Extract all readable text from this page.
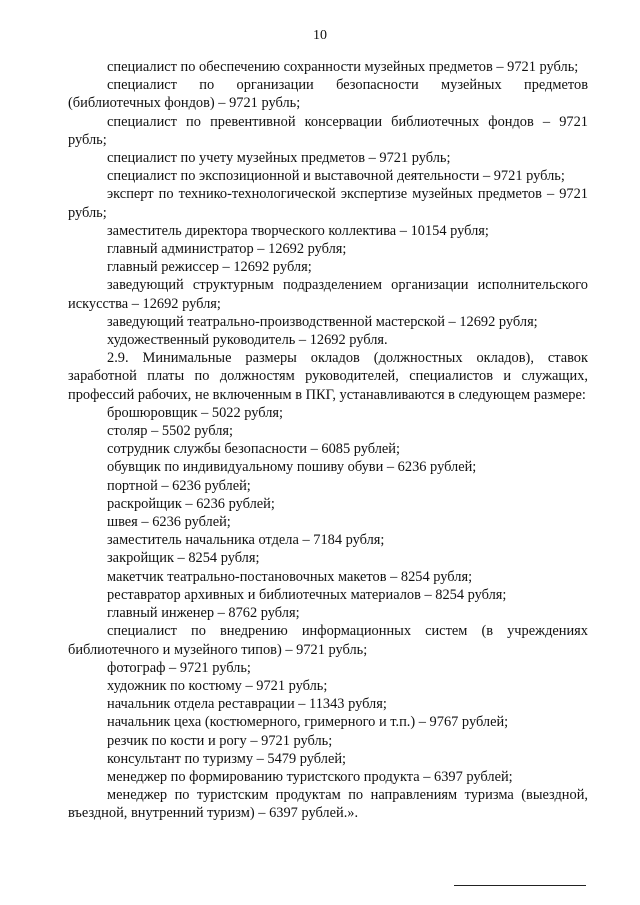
10

специалист по обеспечению сохранности музейных предметов – 9721 рубль;

специалист по организации безопасности музейных предметов (библиотечных фондов) – 9721 рубль;

специалист по превентивной консервации библиотечных фондов – 9721 рубль;

специалист по учету музейных предметов – 9721 рубль;

специалист по экспозиционной и выставочной деятельности – 9721 рубль;

эксперт по технико-технологической экспертизе музейных предметов – 9721 рубль;

заместитель директора творческого коллектива – 10154 рубля;

главный администратор – 12692 рубля;

главный режиссер – 12692 рубля;

заведующий структурным подразделением организации исполнительского искусства – 12692 рубля;

заведующий театрально-производственной мастерской – 12692 рубля;

художественный руководитель – 12692 рубля.

2.9. Минимальные размеры окладов (должностных окладов), ставок заработной платы по должностям руководителей, специалистов и служащих, профессий рабочих, не включенным в ПКГ, устанавливаются в следующем размере:

брошюровщик – 5022 рубля;

столяр – 5502 рубля;

сотрудник службы безопасности – 6085 рублей;

обувщик по индивидуальному пошиву обуви – 6236 рублей;

портной – 6236 рублей;

раскройщик – 6236 рублей;

швея – 6236 рублей;

заместитель начальника отдела – 7184 рубля;

закройщик – 8254 рубля;

макетчик театрально-постановочных макетов – 8254 рубля;

реставратор архивных и библиотечных материалов – 8254 рубля;

главный инженер – 8762 рубля;

специалист по внедрению информационных систем (в учреждениях библиотечного и музейного типов) – 9721 рубль;

фотограф – 9721 рубль;

художник по костюму – 9721 рубль;

начальник отдела реставрации – 11343 рубля;

начальник цеха (костюмерного, гримерного и т.п.) – 9767 рублей;

резчик по кости и рогу – 9721 рубль;

консультант по туризму – 5479 рублей;

менеджер по формированию туристского продукта – 6397 рублей;

менеджер по туристским продуктам по направлениям туризма (выездной, въездной, внутренний туризм) – 6397 рублей.».
